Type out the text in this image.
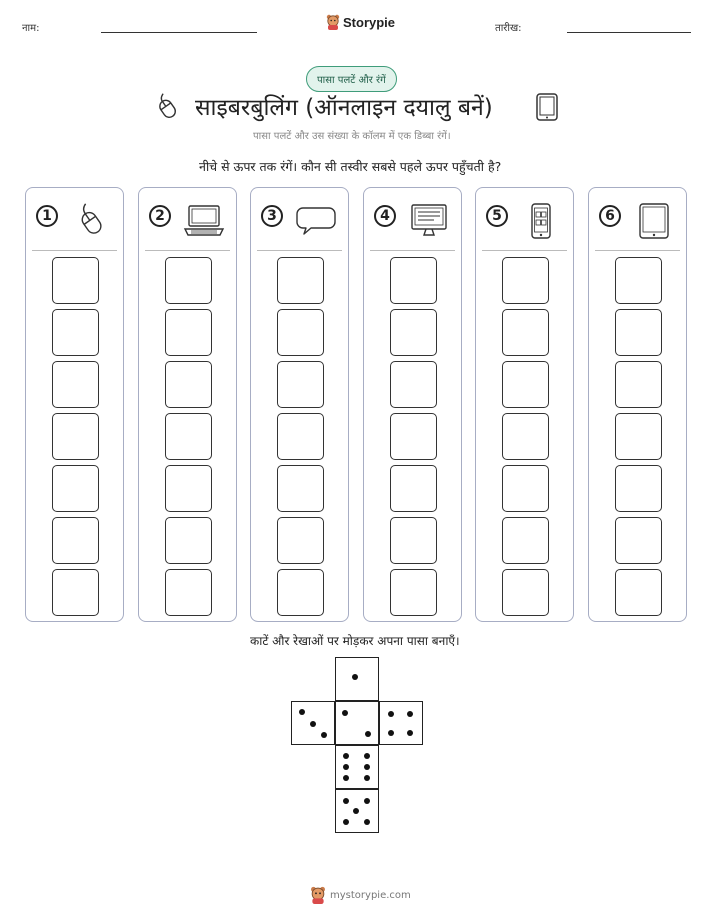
नाम:	Storypie	तारीख:
पासा पलटें और रंगें
साइबरबुलिंग (ऑनलाइन दयालु बनें)
पासा पलटें और उस संख्या के कॉलम में एक डिब्बा रंगें।
नीचे से ऊपर तक रंगें। कौन सी तस्वीर सबसे पहले ऊपर पहुँचती है?
1	2	3	4	5	6
काटें और रेखाओं पर मोड़कर अपना पासा बनाएँ।
mystorypie.com
